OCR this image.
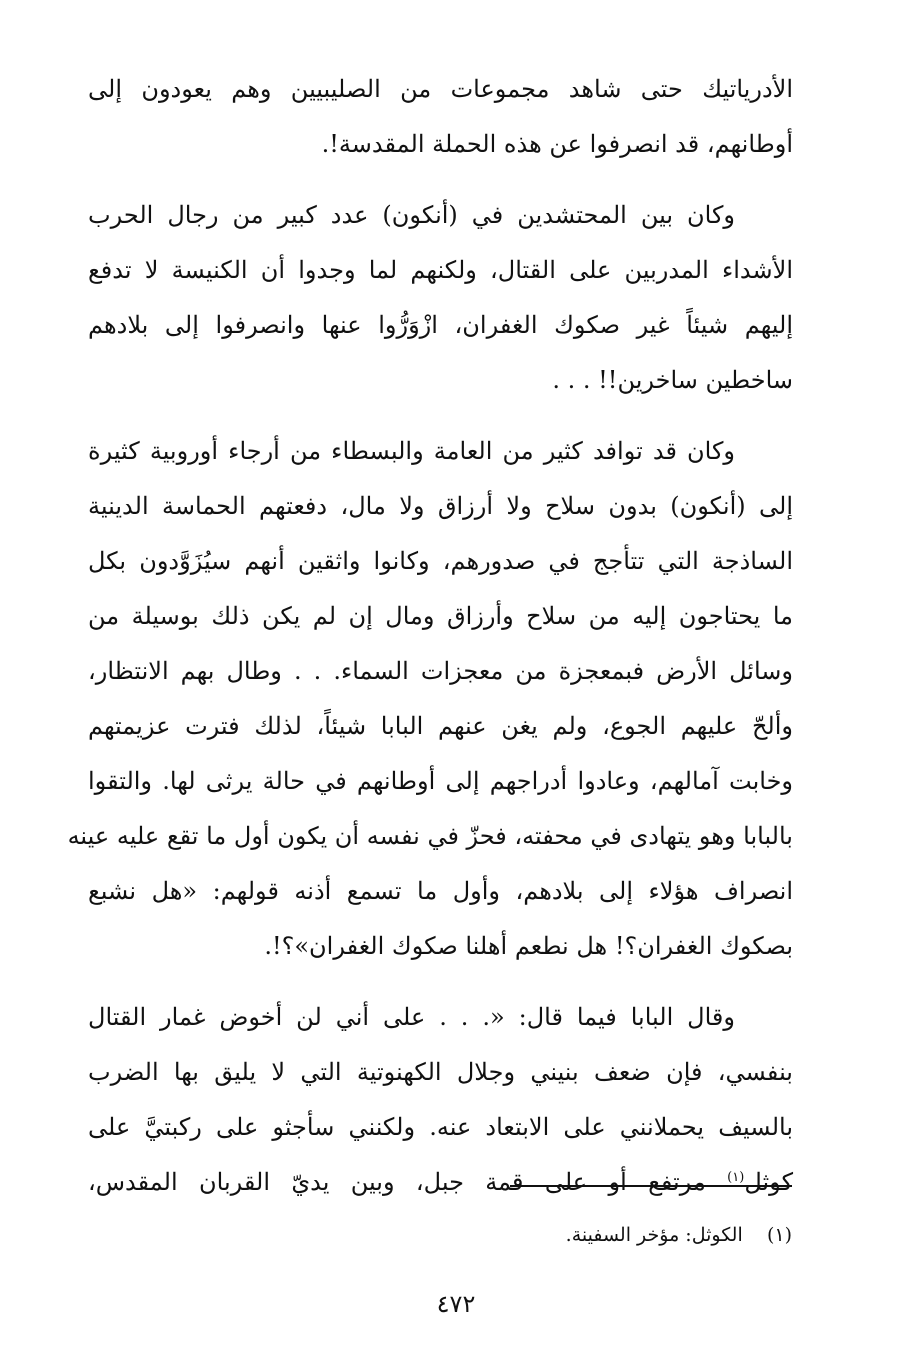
الأدرياتيك حتى شاهد مجموعات من الصليبيين وهم يعودون إلى
أوطانهم، قد انصرفوا عن هذه الحملة المقدسة!.

وكان بين المحتشدين في (أنكون) عدد كبير من رجال الحرب
الأشداء المدربين على القتال، ولكنهم لما وجدوا أن الكنيسة لا تدفع
إليهم شيئاً غير صكوك الغفران، ازْوَرُّوا عنها وانصرفوا إلى بلادهم
ساخطين ساخرين!! . . .

وكان قد توافد كثير من العامة والبسطاء من أرجاء أوروبية كثيرة
إلى (أنكون) بدون سلاح ولا أرزاق ولا مال، دفعتهم الحماسة الدينية
الساذجة التي تتأجج في صدورهم، وكانوا واثقين أنهم سيُزَوَّدون بكل
ما يحتاجون إليه من سلاح وأرزاق ومال إن لم يكن ذلك بوسيلة من
وسائل الأرض فبمعجزة من معجزات السماء. . . وطال بهم الانتظار،
وألحّ عليهم الجوع، ولم يغن عنهم البابا شيئاً، لذلك فترت عزيمتهم
وخابت آمالهم، وعادوا أدراجهم إلى أوطانهم في حالة يرثى لها. والتقوا
بالبابا وهو يتهادى في محفته، فحزّ في نفسه أن يكون أول ما تقع عليه عينه
انصراف هؤلاء إلى بلادهم، وأول ما تسمع أذنه قولهم: «هل نشبع
بصكوك الغفران؟! هل نطعم أهلنا صكوك الغفران»؟!.

وقال البابا فيما قال: «. . . على أني لن أخوض غمار القتال
بنفسي، فإن ضعف بنيني وجلال الكهنوتية التي لا يليق بها الضرب
بالسيف يحملانني على الابتعاد عنه. ولكنني سأجثو على ركبتيَّ على
كوثل$^{(١)}$ مرتفع أو على قمة جبل، وبين يديّ القربان المقدس،

(١)    الكوثل: مؤخر السفينة.
٤٧٢
